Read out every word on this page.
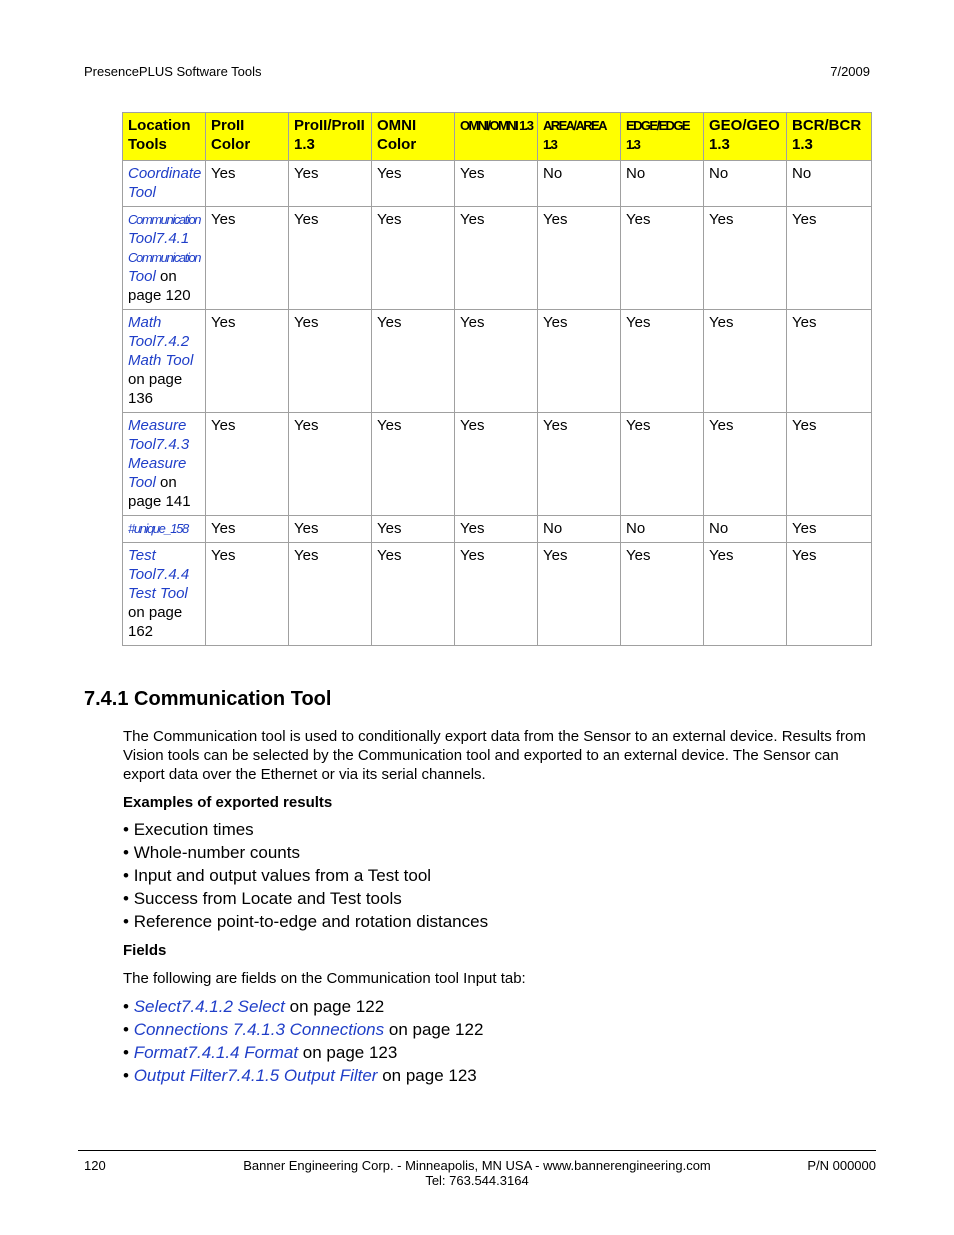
PresencePLUS Software Tools	7/2009
Location Tools	ProII Color	ProII/ProII 1.3	OMNI Color	OMNI/OMNI 1.3	AREA/AREA 1.3	EDGE/EDGE 1.3	GEO/GEO 1.3	BCR/BCR 1.3
Coordinate Tool	Yes	Yes	Yes	Yes	No	No	No	No
Communication Tool7.4.1 Communication Tool on page 120	Yes	Yes	Yes	Yes	Yes	Yes	Yes	Yes
Math Tool7.4.2 Math Tool on page 136	Yes	Yes	Yes	Yes	Yes	Yes	Yes	Yes
Measure Tool7.4.3 Measure Tool on page 141	Yes	Yes	Yes	Yes	Yes	Yes	Yes	Yes
#unique_158	Yes	Yes	Yes	Yes	No	No	No	Yes
Test Tool7.4.4 Test Tool on page 162	Yes	Yes	Yes	Yes	Yes	Yes	Yes	Yes
7.4.1 Communication Tool
The Communication tool is used to conditionally export data from the Sensor to an external device. Results from Vision tools can be selected by the Communication tool and exported to an external device. The Sensor can export data over the Ethernet or via its serial channels.
Examples of exported results
• Execution times
• Whole-number counts
• Input and output values from a Test tool
• Success from Locate and Test tools
• Reference point-to-edge and rotation distances
Fields
The following are fields on the Communication tool Input tab:
• Select7.4.1.2 Select on page 122
• Connections 7.4.1.3 Connections on page 122
• Format7.4.1.4 Format on page 123
• Output Filter7.4.1.5 Output Filter on page 123
120	Banner Engineering Corp. - Minneapolis, MN USA - www.bannerengineering.com
Tel: 763.544.3164
P/N 000000
